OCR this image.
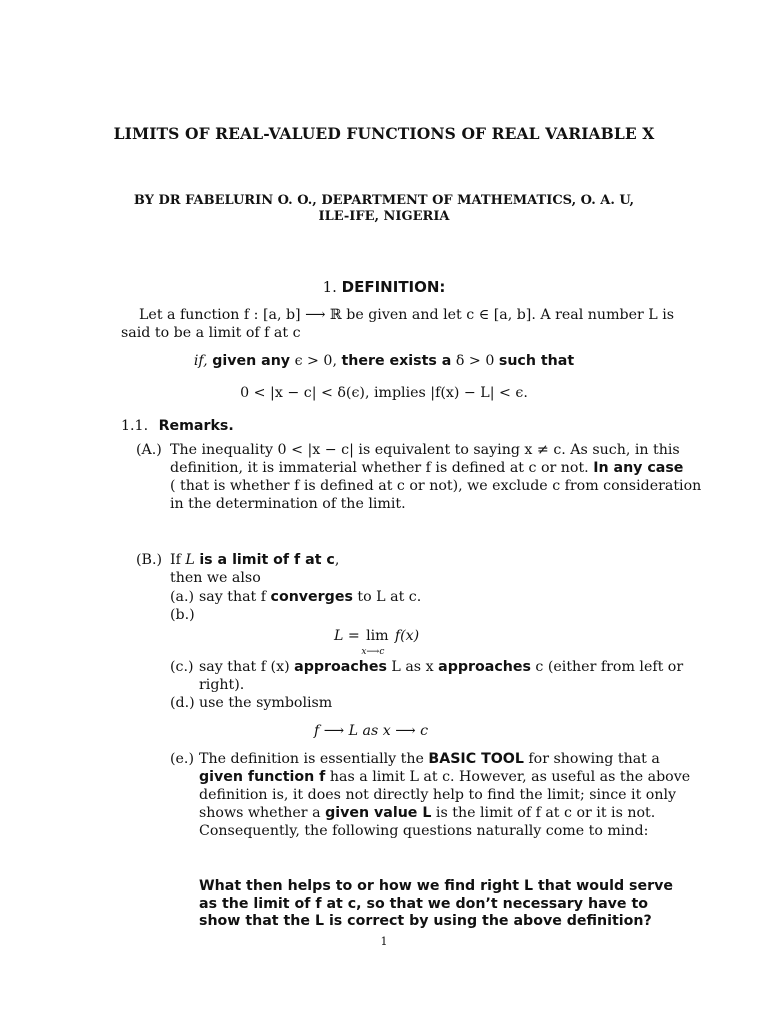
LIMITS OF REAL-VALUED FUNCTIONS OF REAL VARIABLE X
BY DR FABELURIN O. O., DEPARTMENT OF MATHEMATICS, O. A. U,
ILE-IFE, NIGERIA
1. DEFINITION:
Let a function f : [a, b] ⟶ ℝ be given and let c ∈ [a, b]. A real number L is
said to be a limit of f at c
if, given any ϵ > 0, there exists a δ > 0 such that
0 < |x − c| < δ(ϵ), implies |f(x) − L| < ϵ.
1.1. Remarks.
(A.) The inequality 0 < |x − c| is equivalent to saying x ≠ c. As such, in this
definition, it is immaterial whether f is defined at c or not. In any case
( that is whether f is defined at c or not), we exclude c from consideration
in the determination of the limit.
(B.) If L is a limit of f at c,
then we also
(a.) say that f converges to L at c.
(b.)
L = lim
x⟶c
f(x)
(c.) say that f (x) approaches L as x approaches c (either from left or
right).
(d.) use the symbolism
f ⟶ L as x ⟶ c
(e.) The definition is essentially the BASIC TOOL for showing that a
given function f has a limit L at c. However, as useful as the above
definition is, it does not directly help to find the limit; since it only
shows whether a given value L is the limit of f at c or it is not.
Consequently, the following questions naturally come to mind:
What then helps to or how we find right L that would serve
as the limit of f at c, so that we don’t necessary have to
show that the L is correct by using the above definition?
1
